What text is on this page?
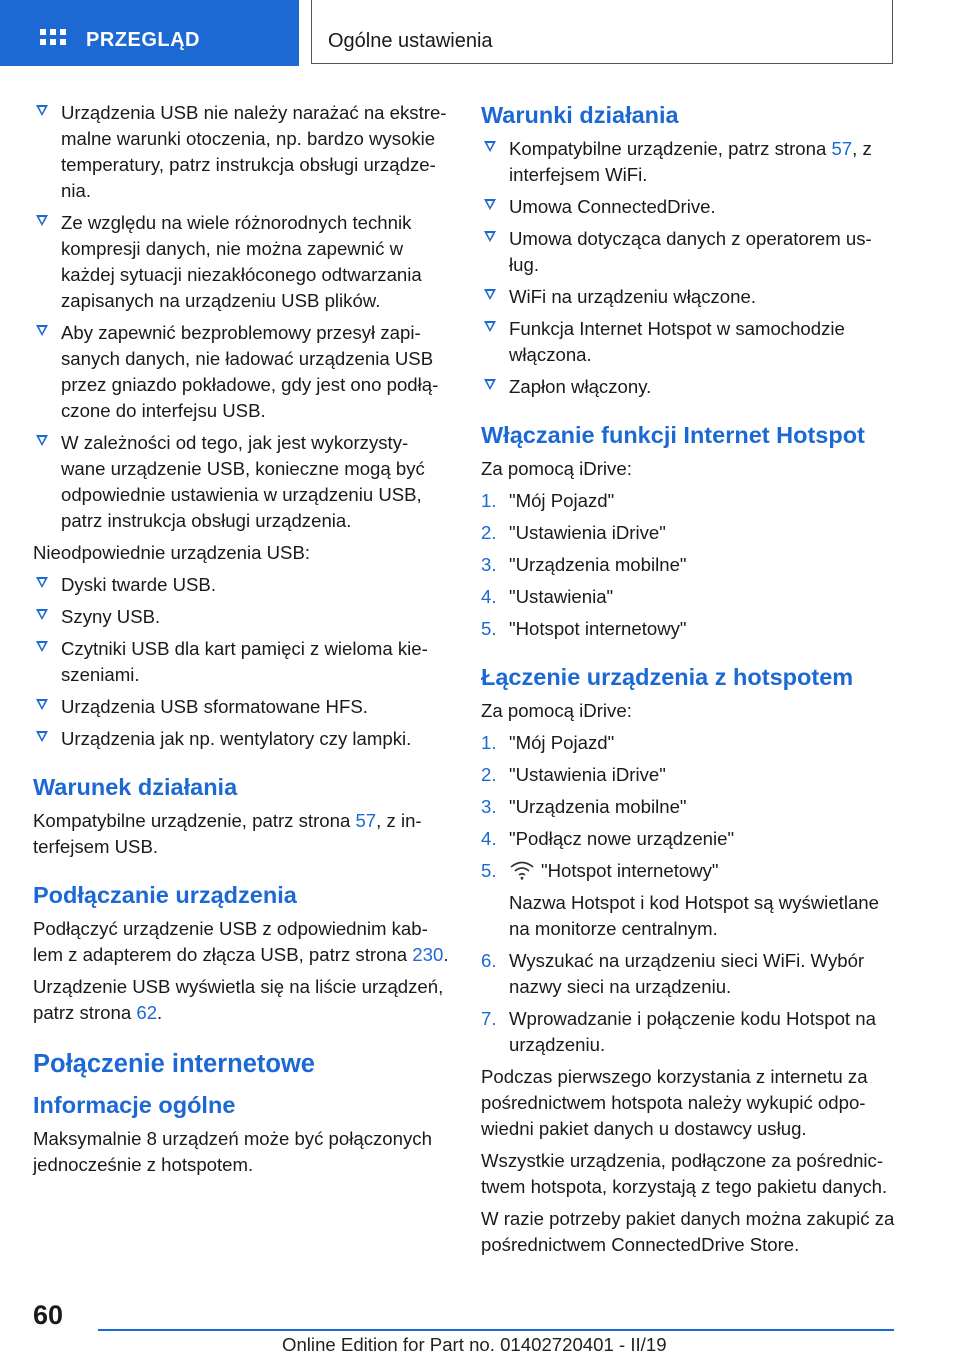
PRZEGLĄD	Ogólne ustawienia
Urządzenia USB nie należy narażać na ekstre- malne warunki otoczenia, np. bardzo wysokie temperatury, patrz instrukcja obsługi urządze- nia.
Ze względu na wiele różnorodnych technik kompresji danych, nie można zapewnić w każdej sytuacji niezakłóconego odtwarzania zapisanych na urządzeniu USB plików.
Aby zapewnić bezproblemowy przesył zapi- sanych danych, nie ładować urządzenia USB przez gniazdo pokładowe, gdy jest ono podłą- czone do interfejsu USB.
W zależności od tego, jak jest wykorzysty- wane urządzenie USB, konieczne mogą być odpowiednie ustawienia w urządzeniu USB, patrz instrukcja obsługi urządzenia.

Nieodpowiednie urządzenia USB:

Dyski twarde USB.
Szyny USB.
Czytniki USB dla kart pamięci z wieloma kie- szeniami.
Urządzenia USB sformatowane HFS.
Urządzenia jak np. wentylatory czy lampki.
Warunek działania

Kompatybilne urządzenie, patrz strona 57, z in- terfejsem USB.

Podłączanie urządzenia

Podłączyć urządzenie USB z odpowiednim kab- lem z adapterem do złącza USB, patrz strona 230.

Urządzenie USB wyświetla się na liście urządzeń, patrz strona 62.

Połączenie internetowe
Informacje ogólne

Maksymalnie 8 urządzeń może być połączonych jednocześnie z hotspotem.

Warunki działania
Kompatybilne urządzenie, patrz strona 57, z interfejsem WiFi.
Umowa ConnectedDrive.
Umowa dotycząca danych z operatorem us- ług.
WiFi na urządzeniu włączone.
Funkcja Internet Hotspot w samochodzie włączona.
Zapłon włączony.
Włączanie funkcji Internet Hotspot

Za pomocą iDrive:

1. "Mój Pojazd"
2. "Ustawienia iDrive"
3. "Urządzenia mobilne"
4. "Ustawienia"
5. "Hotspot internetowy"
Łączenie urządzenia z hotspotem

Za pomocą iDrive:

1. "Mój Pojazd"
2. "Ustawienia iDrive"
3. "Urządzenia mobilne"
4. "Podłącz nowe urządzenie"
5. "Hotspot internetowy"
Nazwa Hotspot i kod Hotspot są wyświetlane na monitorze centralnym.
6. Wyszukać na urządzeniu sieci WiFi. Wybór nazwy sieci na urządzeniu.
7. Wprowadzanie i połączenie kodu Hotspot na urządzeniu.

Podczas pierwszego korzystania z internetu za pośrednictwem hotspota należy wykupić odpo- wiedni pakiet danych u dostawcy usług.

Wszystkie urządzenia, podłączone za pośrednic- twem hotspota, korzystają z tego pakietu danych.

W razie potrzeby pakiet danych można zakupić za pośrednictwem ConnectedDrive Store.

60
Online Edition for Part no. 01402720401 - II/19
